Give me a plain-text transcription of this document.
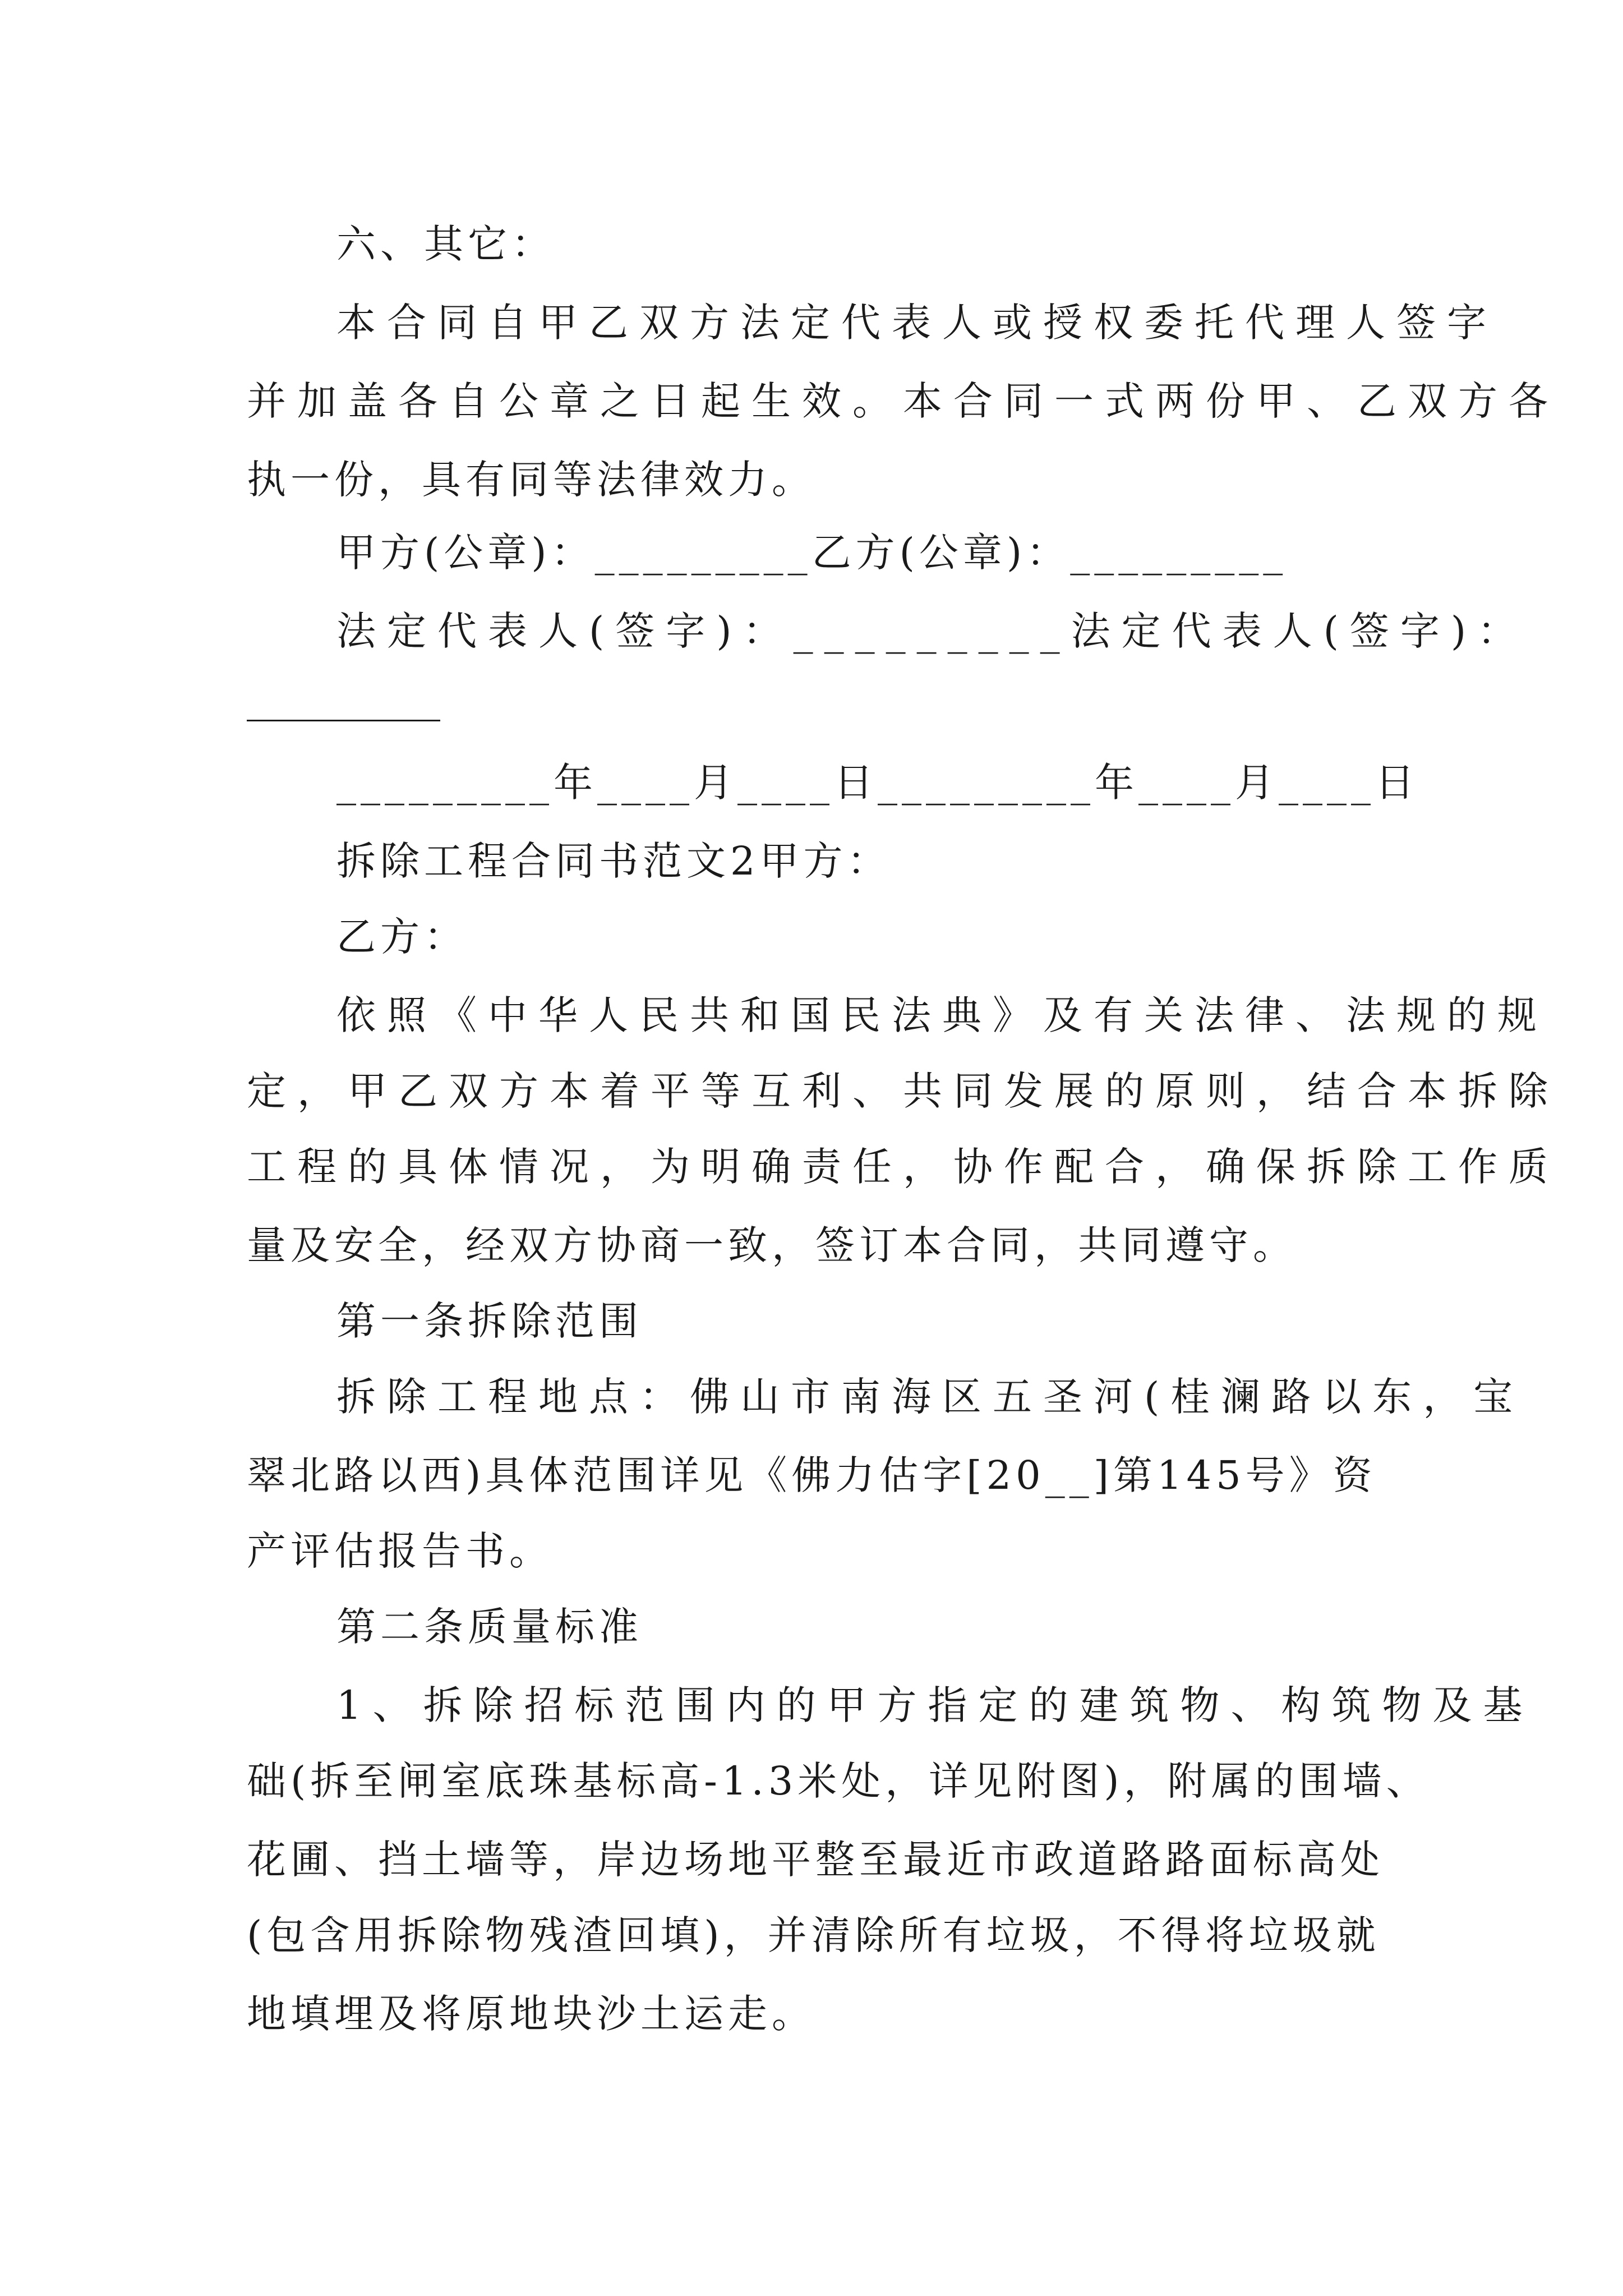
六、其它：
本合同自甲乙双方法定代表人或授权委托代理人签字
并加盖各自公章之日起生效。本合同一式两份甲、乙双方各
执一份，具有同等法律效力。
甲方(公章)：_________乙方(公章)：_________
法定代表人(签字)：_________法定代表人(签字)：
_________年____月____日_________年____月____日
拆除工程合同书范文2甲方：
乙方：
依照《中华人民共和国民法典》及有关法律、法规的规
定，甲乙双方本着平等互利、共同发展的原则，结合本拆除
工程的具体情况，为明确责任，协作配合，确保拆除工作质
量及安全，经双方协商一致，签订本合同，共同遵守。
第一条拆除范围
拆除工程地点：佛山市南海区五圣河(桂澜路以东，宝
翠北路以西)具体范围详见《佛力估字[20__]第145号》资
产评估报告书。
第二条质量标准
1、拆除招标范围内的甲方指定的建筑物、构筑物及基
础(拆至闸室底珠基标高-1.3米处，详见附图)，附属的围墙、
花圃、挡土墙等，岸边场地平整至最近市政道路路面标高处
(包含用拆除物残渣回填)，并清除所有垃圾，不得将垃圾就
地填埋及将原地块沙土运走。
